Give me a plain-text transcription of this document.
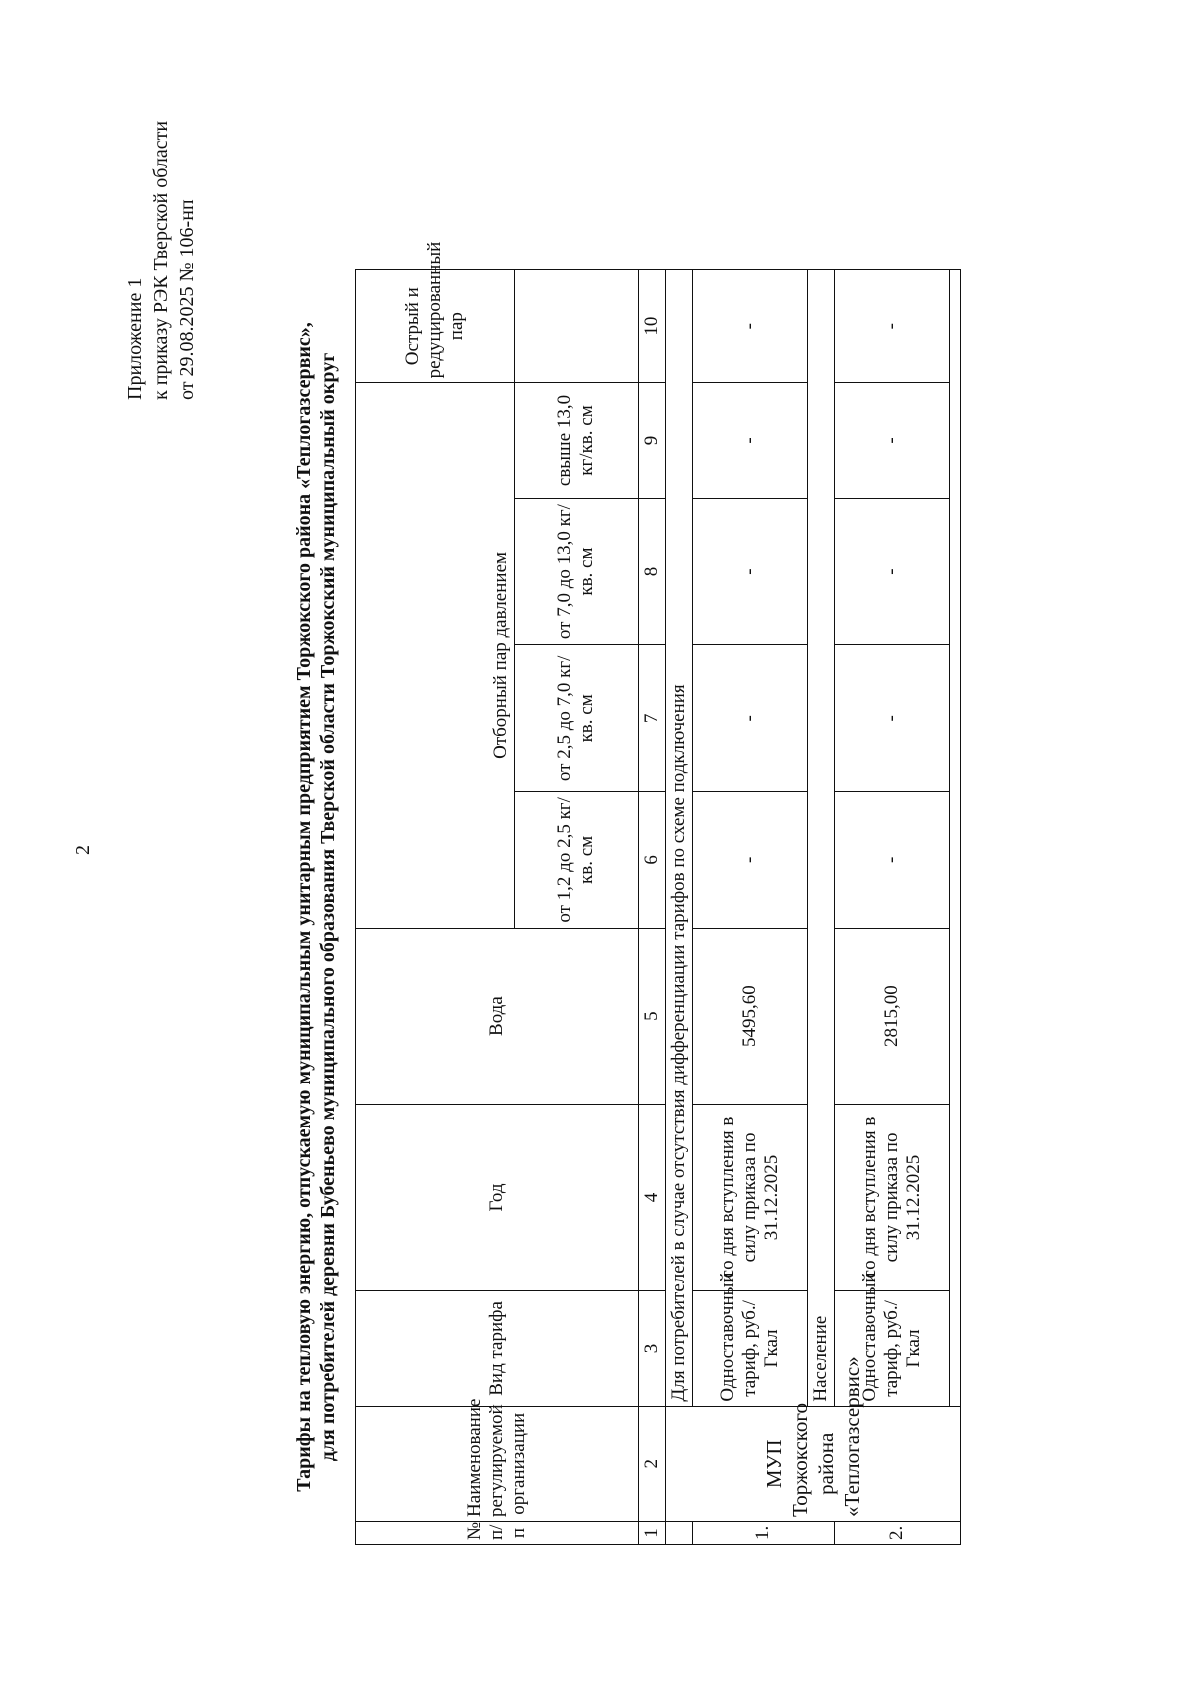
2
Приложение 1 к приказу РЭК Тверской области от 29.08.2025 № 106-нп
Тарифы на тепловую энергию, отпускаемую муниципальным унитарным предприятием Торжокского района «Теплогазсервис», для потребителей деревни Бубеньево муниципального образования Тверской области Торжокский муниципальный округ
№ п/п	Наименование регулируемой организации	Вид тарифа	Год	Вода					Острый и редуцированный пар
					Отборный пар давлением				
					от 1,2 до 2,5 кг/кв. см	от 2,5 до 7,0 кг/кв. см	от 7,0 до 13,0 кг/кв. см	свыше 13,0 кг/кв. см	
1	2	3	4	5	6	7	8	9	10
	МУП Торжокского района «Теплогазсервис»	Для потребителей в случае отсутствия дифференциации тарифов по схеме подключения							
1.		Одноставочный тариф, руб./Гкал	со дня вступления в силу приказа по 31.12.2025	5495,60	-	-	-	-	-
		Население							
2.		Одноставочный тариф, руб./Гкал	со дня вступления в силу приказа по 31.12.2025	2815,00	-	-	-	-	-
